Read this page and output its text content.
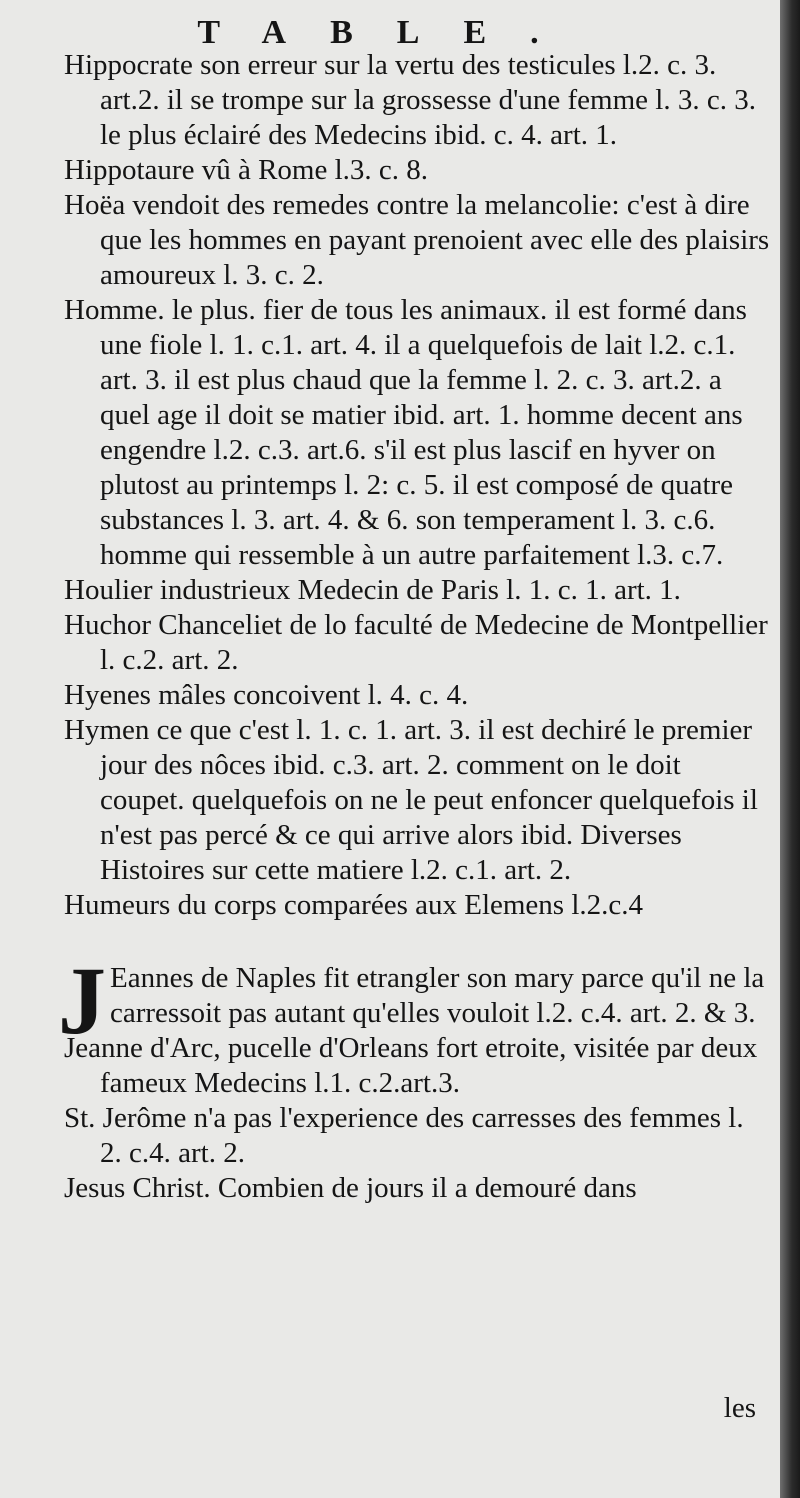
TABLE.
Hippocrate son erreur sur la vertu des testicules l.2. c. 3. art.2. il se trompe sur la grossesse d'une femme l. 3. c. 3. le plus éclairé des Medecins ibid. c. 4. art. 1.
Hippotaure vû à Rome l.3. c. 8.
Hoëa vendoit des remedes contre la melancolie: c'est à dire que les hommes en payant prenoient avec elle des plaisirs amoureux l. 3. c. 2.
Homme. le plus. fier de tous les animaux. il est formé dans une fiole l. 1. c.1. art. 4. il a quelquefois de lait l.2. c.1. art. 3. il est plus chaud que la femme l. 2. c. 3. art.2. a quel age il doit se matier ibid. art. 1. homme decent ans engendre l.2. c.3. art.6. s'il est plus lascif en hyver on plutost au printemps l. 2: c. 5. il est composé de quatre substances l. 3. art. 4. & 6. son temperament l. 3. c.6. homme qui ressemble à un autre parfaitement l.3. c.7.
Houlier industrieux Medecin de Paris l. 1. c. 1. art. 1.
Huchor Chanceliet de lo faculté de Medecine de Montpellier l. c.2. art. 2.
Hyenes mâles concoivent l. 4. c. 4.
Hymen ce que c'est l. 1. c. 1. art. 3. il est dechiré le premier jour des nôces ibid. c.3. art. 2. comment on le doit coupet. quelquefois on ne le peut enfoncer quelquefois il n'est pas percé & ce qui arrive alors ibid. Diverses Histoires sur cette matiere l.2. c.1. art. 2.
Humeurs du corps comparées aux Elemens l.2.c.4
J Eannes de Naples fit etrangler son mary parce qu'il ne la carressoit pas autant qu'elles vouloit l.2. c.4. art. 2. & 3.
Jeanne d'Arc, pucelle d'Orleans fort etroite, visitée par deux fameux Medecins l.1. c.2.art.3.
St. Jerôme n'a pas l'experience des carresses des femmes l. 2. c.4. art. 2.
Jesus Christ. Combien de jours il a demouré dans
les
